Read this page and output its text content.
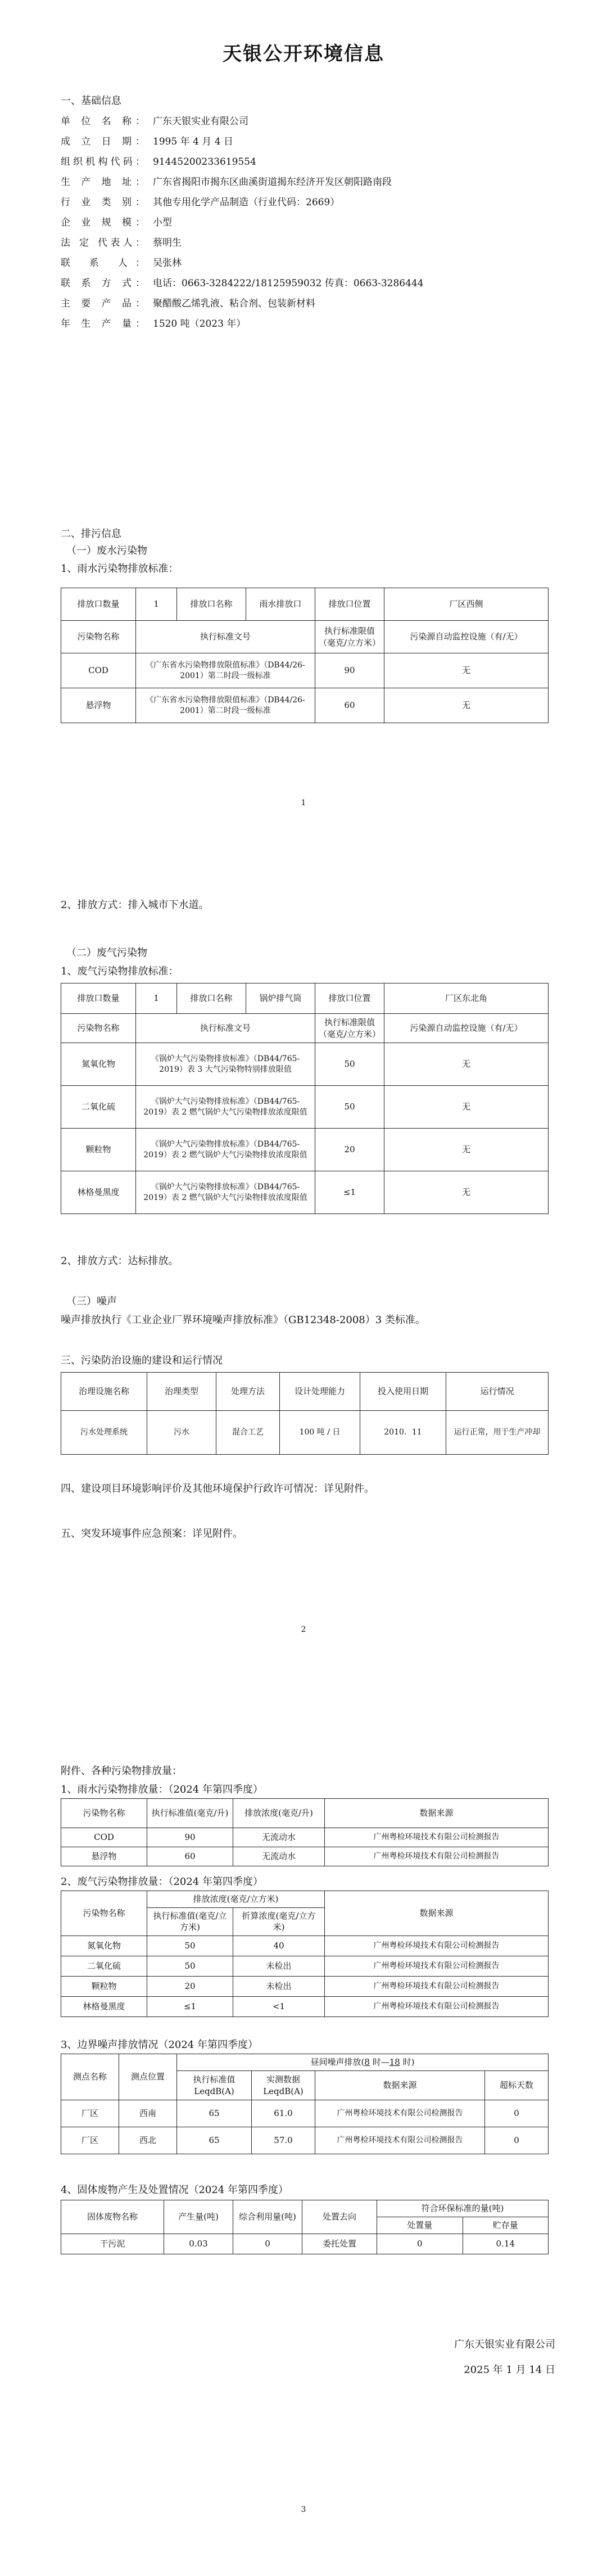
天银公开环境信息
一、基础信息
单 位 名 称： 广东天银实业有限公司
成 立 日 期： 1995 年 4 月 4 日
组织机构代码： 91445200233619554
生 产 地 址： 广东省揭阳市揭东区曲溪街道揭东经济开发区朝阳路南段
行 业 类 别： 其他专用化学产品制造（行业代码：2669）
企 业 规 模： 小型
法 定 代表人： 蔡明生
联 系 人： 吴张林
联 系 方 式： 电话：0663-3284222/18125959032 传真：0663-3286444
主 要 产 品： 聚醋酸乙烯乳液、粘合剂、包装新材料
年 生 产 量： 1520 吨（2023 年）
二、排污信息
（一）废水污染物
1、雨水污染物排放标准：
排放口数量	1	排放口名称	雨水排放口	排放口位置	厂区西侧
污染物名称	执行标准文号			执行标准限值（毫克/立方米）	污染源自动监控设施（有/无）
COD	《广东省水污染物排放限值标准》（DB44/26-2001）第二时段一级标准			90	无
悬浮物	《广东省水污染物排放限值标准》（DB44/26-2001）第二时段一级标准			60	无
1
2、排放方式：排入城市下水道。
（二）废气污染物
1、废气污染物排放标准：
排放口数量	1	排放口名称	锅炉排气筒	排放口位置	厂区东北角
污染物名称	执行标准文号			执行标准限值（毫克/立方米）	污染源自动监控设施（有/无）
氮氧化物	《锅炉大气污染物排放标准》（DB44/765-2019）表 3 大气污染物特别排放限值			50	无
二氧化硫	《锅炉大气污染物排放标准》（DB44/765-2019）表 2 燃气锅炉大气污染物排放浓度限值			50	无
颗粒物	《锅炉大气污染物排放标准》（DB44/765-2019）表 2 燃气锅炉大气污染物排放浓度限值			20	无
林格曼黑度	《锅炉大气污染物排放标准》（DB44/765-2019）表 2 燃气锅炉大气污染物排放浓度限值			≤1	无
2、排放方式：达标排放。
（三）噪声
噪声排放执行《工业企业厂界环境噪声排放标准》（GB12348-2008）3 类标准。
三、污染防治设施的建设和运行情况
治理设施名称	治理类型	处理方法	设计处理能力	投入使用日期	运行情况
污水处理系统	污水	混合工艺	100 吨 / 日	2010．11	运行正常，用于生产冲却
四、建设项目环境影响评价及其他环境保护行政许可情况：详见附件。
五、突发环境事件应急预案：详见附件。
2
附件、各种污染物排放量：
1、雨水污染物排放量：（2024 年第四季度）
污染物名称	执行标准值(毫克/升)	排放浓度(毫克/升)	数据来源
COD	90	无流动水	广州粤检环境技术有限公司检测报告
悬浮物	60	无流动水	广州粤检环境技术有限公司检测报告
2、废气污染物排放量：（2024 年第四季度）
污染物名称	排放浓度(毫克/立方米)		数据来源
	执行标准值(毫克/立方米)	折算浓度(毫克/立方米)	
氮氧化物	50	40	广州粤检环境技术有限公司检测报告
二氧化硫	50	未检出	广州粤检环境技术有限公司检测报告
颗粒物	20	未检出	广州粤检环境技术有限公司检测报告
林格曼黑度	≤1	<1	广州粤检环境技术有限公司检测报告
3、边界噪声排放情况（2024 年第四季度）
测点名称	测点位置	昼间噪声排放(8 时—18 时)			
		执行标准值LeqdB(A)	实测数据LeqdB(A)	数据来源	超标天数
厂区	西南	65	61.0	广州粤检环境技术有限公司检测报告	0
厂区	西北	65	57.0	广州粤检环境技术有限公司检测报告	0
4、固体废物产生及处置情况（2024 年第四季度）
固体废物名称	产生量(吨)	综合利用量(吨)	处置去向	符合环保标准的量(吨)	
				处置量	贮存量
干污泥	0.03	0	委托处置	0	0.14
广东天银实业有限公司
2025 年 1 月 14 日
3
